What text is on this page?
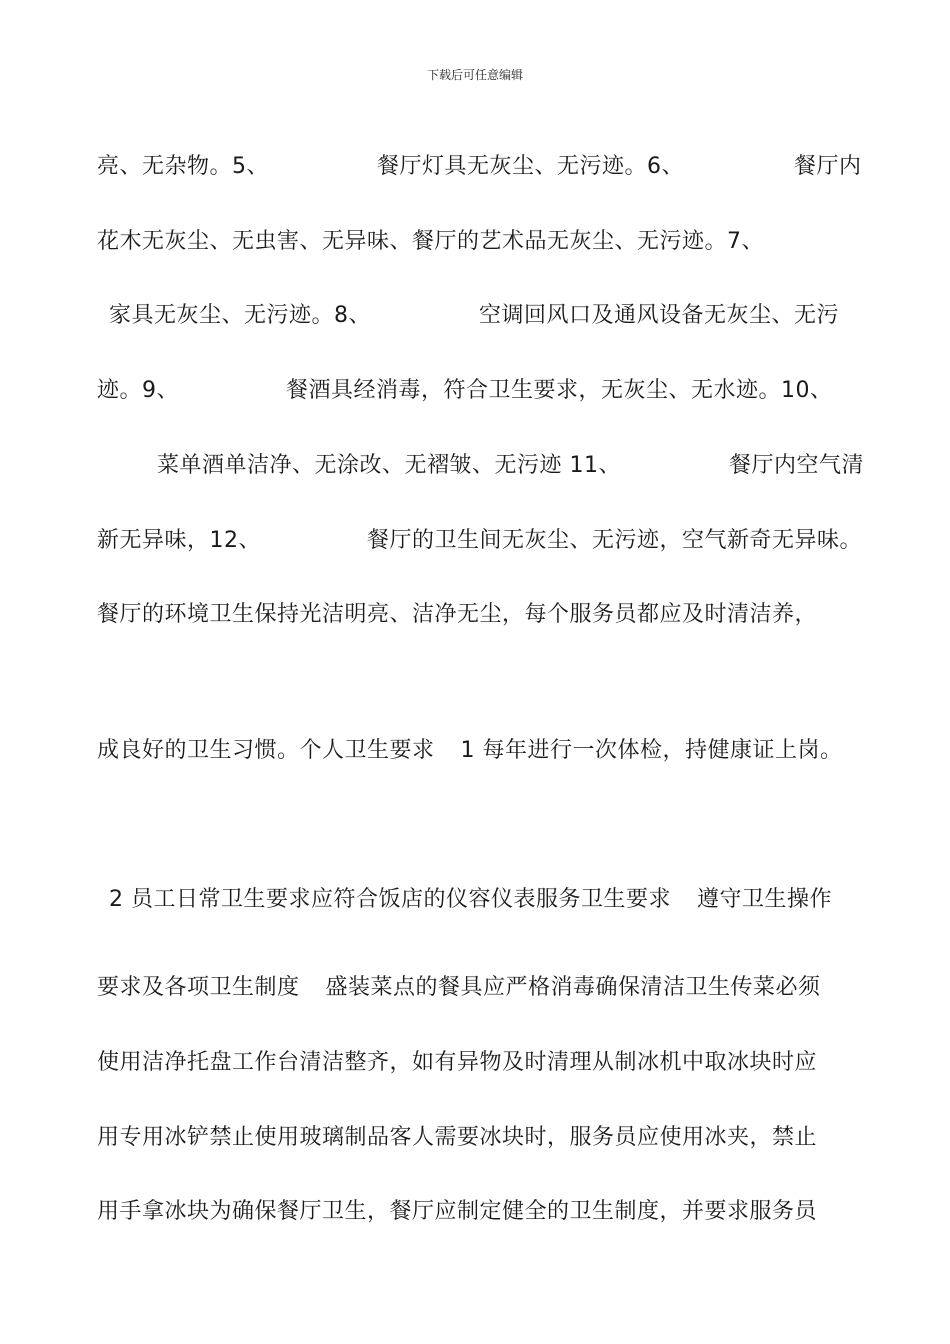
下载后可任意编辑

亮、无杂物。5、	餐厅灯具无灰尘、无污迹。6、	餐厅内

花木无灰尘、无虫害、无异味、餐厅的艺术品无灰尘、无污迹。7、

家具无灰尘、无污迹。8、	空调回风口及通风设备无灰尘、无污

迹。9、	餐酒具经消毒，符合卫生要求，无灰尘、无水迹。10、

菜单酒单洁净、无涂改、无褶皱、无污迹 11、	餐厅内空气清

新无异味，12、	餐厅的卫生间无灰尘、无污迹，空气新奇无异味。

餐厅的环境卫生保持光洁明亮、洁净无尘，每个服务员都应及时清洁养，

成良好的卫生习惯。个人卫生要求 1 每年进行一次体检，持健康证上岗。

2 员工日常卫生要求应符合饭店的仪容仪表服务卫生要求 遵守卫生操作

要求及各项卫生制度 盛装菜点的餐具应严格消毒确保清洁卫生传菜必须

使用洁净托盘工作台清洁整齐，如有异物及时清理从制冰机中取冰块时应

用专用冰铲禁止使用玻璃制品客人需要冰块时，服务员应使用冰夹，禁止

用手拿冰块为确保餐厅卫生，餐厅应制定健全的卫生制度，并要求服务员
